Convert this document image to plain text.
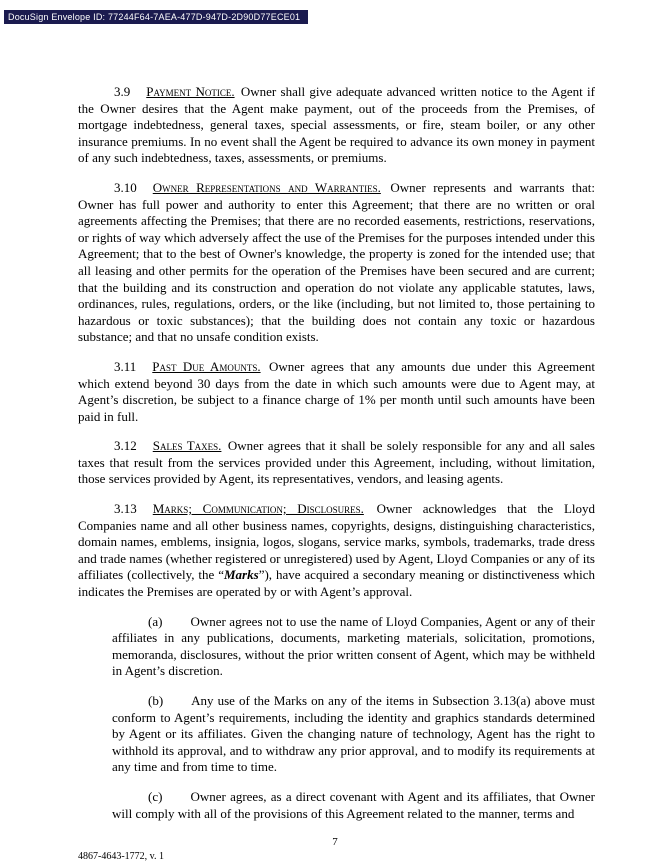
DocuSign Envelope ID: 77244F64-7AEA-477D-947D-2D90D77ECE01

3.9 Payment Notice. Owner shall give adequate advanced written notice to the Agent if the Owner desires that the Agent make payment, out of the proceeds from the Premises, of mortgage indebtedness, general taxes, special assessments, or fire, steam boiler, or any other insurance premiums. In no event shall the Agent be required to advance its own money in payment of any such indebtedness, taxes, assessments, or premiums.

3.10 Owner Representations and Warranties. Owner represents and warrants that: Owner has full power and authority to enter this Agreement; that there are no written or oral agreements affecting the Premises; that there are no recorded easements, restrictions, reservations, or rights of way which adversely affect the use of the Premises for the purposes intended under this Agreement; that to the best of Owner's knowledge, the property is zoned for the intended use; that all leasing and other permits for the operation of the Premises have been secured and are current; that the building and its construction and operation do not violate any applicable statutes, laws, ordinances, rules, regulations, orders, or the like (including, but not limited to, those pertaining to hazardous or toxic substances); that the building does not contain any toxic or hazardous substance; and that no unsafe condition exists.

3.11 Past Due Amounts. Owner agrees that any amounts due under this Agreement which extend beyond 30 days from the date in which such amounts were due to Agent may, at Agent’s discretion, be subject to a finance charge of 1% per month until such amounts have been paid in full.

3.12 Sales Taxes. Owner agrees that it shall be solely responsible for any and all sales taxes that result from the services provided under this Agreement, including, without limitation, those services provided by Agent, its representatives, vendors, and leasing agents.

3.13 Marks; Communication; Disclosures. Owner acknowledges that the Lloyd Companies name and all other business names, copyrights, designs, distinguishing characteristics, domain names, emblems, insignia, logos, slogans, service marks, symbols, trademarks, trade dress and trade names (whether registered or unregistered) used by Agent, Lloyd Companies or any of its affiliates (collectively, the “Marks”), have acquired a secondary meaning or distinctiveness which indicates the Premises are operated by or with Agent’s approval.

(a) Owner agrees not to use the name of Lloyd Companies, Agent or any of their affiliates in any publications, documents, marketing materials, solicitation, promotions, memoranda, disclosures, without the prior written consent of Agent, which may be withheld in Agent’s discretion.

(b) Any use of the Marks on any of the items in Subsection 3.13(a) above must conform to Agent’s requirements, including the identity and graphics standards determined by Agent or its affiliates. Given the changing nature of technology, Agent has the right to withhold its approval, and to withdraw any prior approval, and to modify its requirements at any time and from time to time.

(c) Owner agrees, as a direct covenant with Agent and its affiliates, that Owner will comply with all of the provisions of this Agreement related to the manner, terms and

7
4867-4643-1772, v. 1
